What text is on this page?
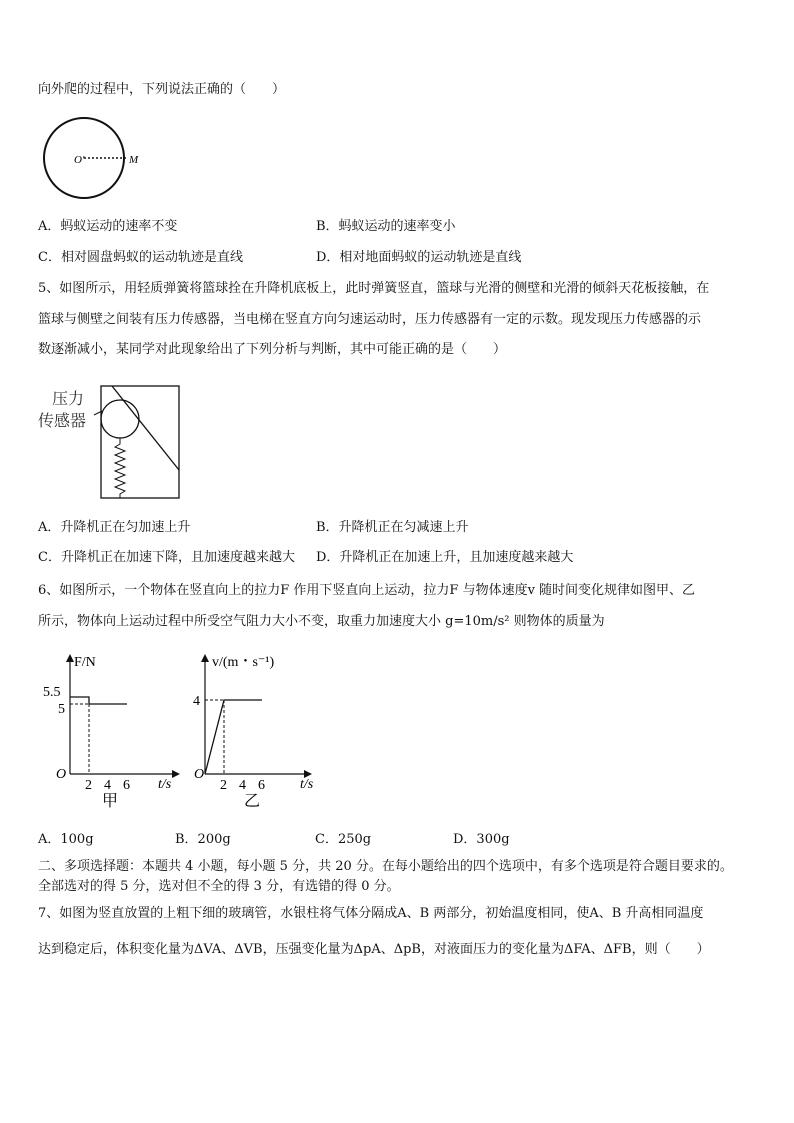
向外爬的过程中，下列说法正确的（　　）
O′	M
A．蚂蚁运动的速率不变	B．蚂蚁运动的速率变小
C．相对圆盘蚂蚁的运动轨迹是直线	D．相对地面蚂蚁的运动轨迹是直线
5、如图所示，用轻质弹簧将篮球拴在升降机底板上，此时弹簧竖直，篮球与光滑的侧壁和光滑的倾斜天花板接触，在
篮球与侧壁之间装有压力传感器，当电梯在竖直方向匀速运动时，压力传感器有一定的示数。现发现压力传感器的示
数逐渐减小，某同学对此现象给出了下列分析与判断，其中可能正确的是（　　）
压力
传感器
A．升降机正在匀加速上升	B．升降机正在匀减速上升
C．升降机正在加速下降，且加速度越来越大 D．升降机正在加速上升，且加速度越来越大
6、如图所示，一个物体在竖直向上的拉力F 作用下竖直向上运动，拉力F 与物体速度v 随时间变化规律如图甲、乙
所示，物体向上运动过程中所受空气阻力大小不变，取重力加速度大小 g=10m/s² 则物体的质量为
F/N
t/s
O
甲
2 4 6
5.5
5
v/(m・s⁻¹)
t/s
O
乙
2 4 6
4
A．100g	B．200g	C．250g	D．300g
二、多项选择题：本题共 4 小题，每小题 5 分，共 20 分。在每小题给出的四个选项中，有多个选项是符合题目要求的。
全部选对的得 5 分，选对但不全的得 3 分，有选错的得 0 分。
7、如图为竖直放置的上粗下细的玻璃管，水银柱将气体分隔成A、B 两部分，初始温度相同，使A、B 升高相同温度
达到稳定后，体积变化量为ΔVA、ΔVB，压强变化量为ΔpA、ΔpB，对液面压力的变化量为ΔFA、ΔFB，则（　　）
